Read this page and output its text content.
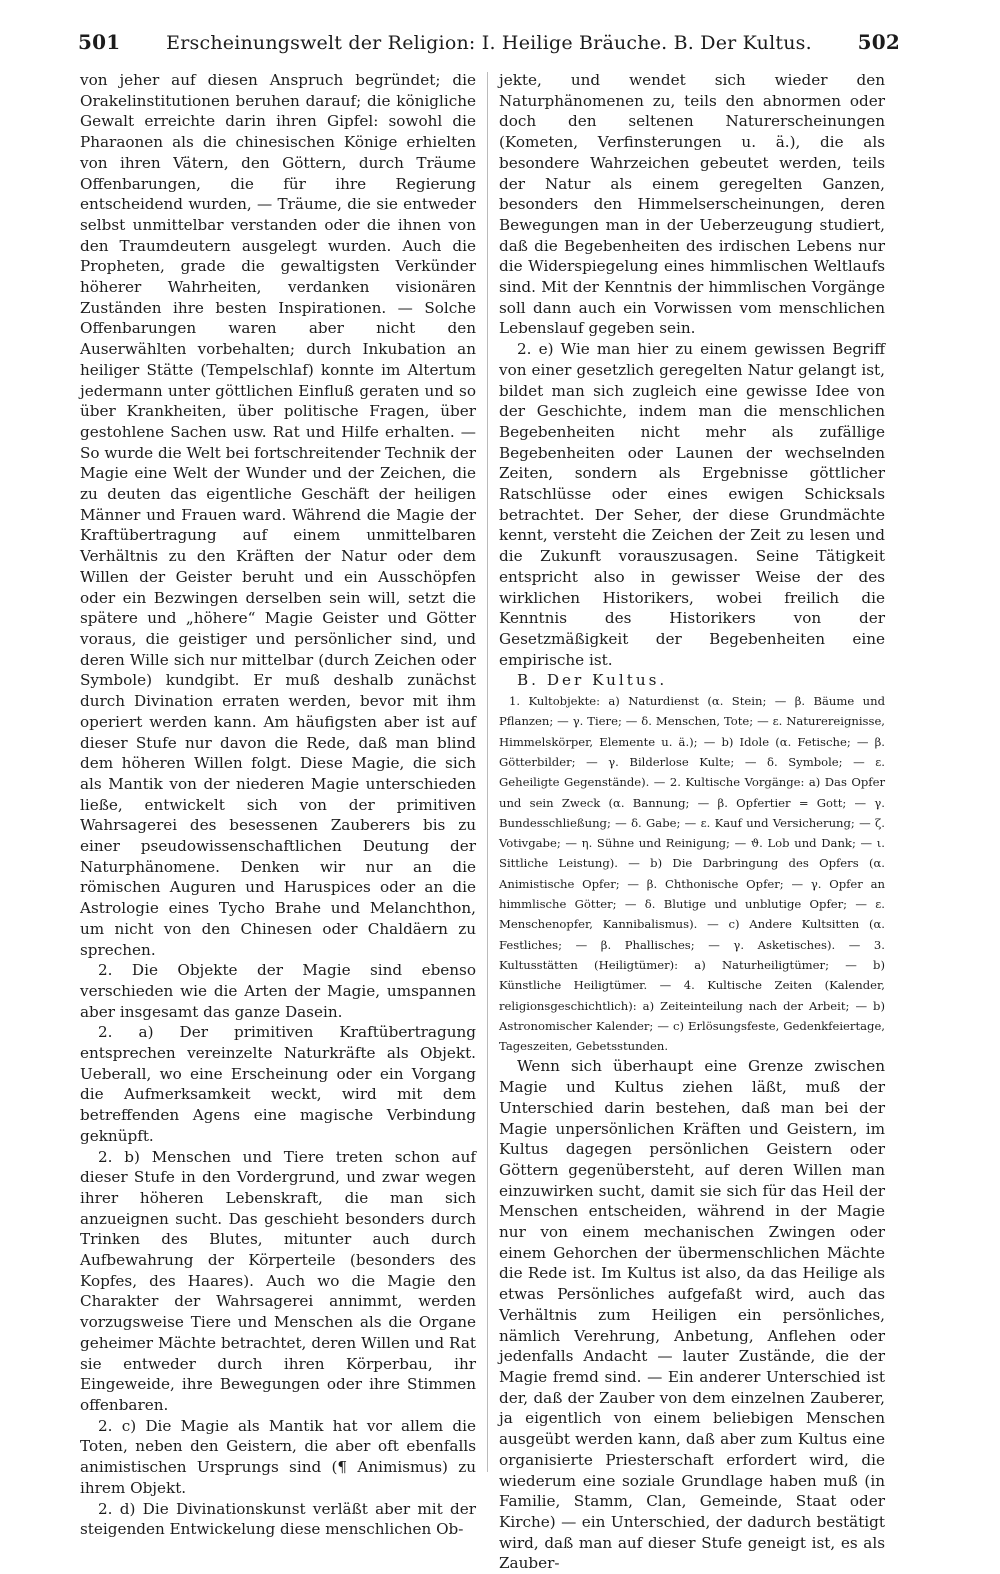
501	Erscheinungswelt der Religion: I. Heilige Bräuche. B. Der Kultus.	502

von jeher auf diesen Anspruch begründet; die Orakelinstitutionen beruhen darauf; die königliche Gewalt erreichte darin ihren Gipfel: sowohl die Pharaonen als die chinesischen Könige erhielten von ihren Vätern, den Göttern, durch Träume Offenbarungen, die für ihre Regierung entscheidend wurden, — Träume, die sie entweder selbst unmittelbar verstanden oder die ihnen von den Traumdeutern ausgelegt wurden. Auch die Propheten, grade die gewaltigsten Verkünder höherer Wahrheiten, verdanken visionären Zuständen ihre besten Inspirationen. — Solche Offenbarungen waren aber nicht den Auserwählten vorbehalten; durch Inkubation an heiliger Stätte (Tempelschlaf) konnte im Altertum jedermann unter göttlichen Einfluß geraten und so über Krankheiten, über politische Fragen, über gestohlene Sachen usw. Rat und Hilfe erhalten. — So wurde die Welt bei fortschreitender Technik der Magie eine Welt der Wunder und der Zeichen, die zu deuten das eigentliche Geschäft der heiligen Männer und Frauen ward. Während die Magie der Kraftübertragung auf einem unmittelbaren Verhältnis zu den Kräften der Natur oder dem Willen der Geister beruht und ein Ausschöpfen oder ein Bezwingen derselben sein will, setzt die spätere und „höhere“ Magie Geister und Götter voraus, die geistiger und persönlicher sind, und deren Wille sich nur mittelbar (durch Zeichen oder Symbole) kundgibt. Er muß deshalb zunächst durch Divination erraten werden, bevor mit ihm operiert werden kann. Am häufigsten aber ist auf dieser Stufe nur davon die Rede, daß man blind dem höheren Willen folgt. Diese Magie, die sich als Mantik von der niederen Magie unterschieden ließe, entwickelt sich von der primitiven Wahrsagerei des besessenen Zauberers bis zu einer pseudowissenschaftlichen Deutung der Naturphänomene. Denken wir nur an die römischen Auguren und Haruspices oder an die Astrologie eines Tycho Brahe und Melanchthon, um nicht von den Chinesen oder Chaldäern zu sprechen.

2. Die Objekte der Magie sind ebenso verschieden wie die Arten der Magie, umspannen aber insgesamt das ganze Dasein.

2. a) Der primitiven Kraftübertragung entsprechen vereinzelte Naturkräfte als Objekt. Ueberall, wo eine Erscheinung oder ein Vorgang die Aufmerksamkeit weckt, wird mit dem betreffenden Agens eine magische Verbindung geknüpft.

2. b) Menschen und Tiere treten schon auf dieser Stufe in den Vordergrund, und zwar wegen ihrer höheren Lebenskraft, die man sich anzueignen sucht. Das geschieht besonders durch Trinken des Blutes, mitunter auch durch Aufbewahrung der Körperteile (besonders des Kopfes, des Haares). Auch wo die Magie den Charakter der Wahrsagerei annimmt, werden vorzugsweise Tiere und Menschen als die Organe geheimer Mächte betrachtet, deren Willen und Rat sie entweder durch ihren Körperbau, ihr Eingeweide, ihre Bewegungen oder ihre Stimmen offenbaren.

2. c) Die Magie als Mantik hat vor allem die Toten, neben den Geistern, die aber oft ebenfalls animistischen Ursprungs sind (¶ Animismus) zu ihrem Objekt.

2. d) Die Divinationskunst verläßt aber mit der steigenden Entwickelung diese menschlichen Ob-

jekte, und wendet sich wieder den Naturphänomenen zu, teils den abnormen oder doch den seltenen Naturerscheinungen (Kometen, Verfinsterungen u. ä.), die als besondere Wahrzeichen gebeutet werden, teils der Natur als einem geregelten Ganzen, besonders den Himmelserscheinungen, deren Bewegungen man in der Ueberzeugung studiert, daß die Begebenheiten des irdischen Lebens nur die Widerspiegelung eines himmlischen Weltlaufs sind. Mit der Kenntnis der himmlischen Vorgänge soll dann auch ein Vorwissen vom menschlichen Lebenslauf gegeben sein.

2. e) Wie man hier zu einem gewissen Begriff von einer gesetzlich geregelten Natur gelangt ist, bildet man sich zugleich eine gewisse Idee von der Geschichte, indem man die menschlichen Begebenheiten nicht mehr als zufällige Begebenheiten oder Launen der wechselnden Zeiten, sondern als Ergebnisse göttlicher Ratschlüsse oder eines ewigen Schicksals betrachtet. Der Seher, der diese Grundmächte kennt, versteht die Zeichen der Zeit zu lesen und die Zukunft vorauszusagen. Seine Tätigkeit entspricht also in gewisser Weise der des wirklichen Historikers, wobei freilich die Kenntnis des Historikers von der Gesetzmäßigkeit der Begebenheiten eine empirische ist.

B. Der Kultus.

1. Kultobjekte: a) Naturdienst (α. Stein; — β. Bäume und Pflanzen; — γ. Tiere; — δ. Menschen, Tote; — ε. Naturereignisse, Himmelskörper, Elemente u. ä.); — b) Idole (α. Fetische; — β. Götterbilder; — γ. Bilderlose Kulte; — δ. Symbole; — ε. Geheiligte Gegenstände). — 2. Kultische Vorgänge: a) Das Opfer und sein Zweck (α. Bannung; — β. Opfertier = Gott; — γ. Bundesschließung; — δ. Gabe; — ε. Kauf und Versicherung; — ζ. Votivgabe; — η. Sühne und Reinigung; — ϑ. Lob und Dank; — ι. Sittliche Leistung). — b) Die Darbringung des Opfers (α. Animistische Opfer; — β. Chthonische Opfer; — γ. Opfer an himmlische Götter; — δ. Blutige und unblutige Opfer; — ε. Menschenopfer, Kannibalismus). — c) Andere Kultsitten (α. Festliches; — β. Phallisches; — γ. Asketisches). — 3. Kultusstätten (Heiligtümer): a) Naturheiligtümer; — b) Künstliche Heiligtümer. — 4. Kultische Zeiten (Kalender, religionsgeschichtlich): a) Zeiteinteilung nach der Arbeit; — b) Astronomischer Kalender; — c) Erlösungsfeste, Gedenkfeiertage, Tageszeiten, Gebetsstunden.

Wenn sich überhaupt eine Grenze zwischen Magie und Kultus ziehen läßt, muß der Unterschied darin bestehen, daß man bei der Magie unpersönlichen Kräften und Geistern, im Kultus dagegen persönlichen Geistern oder Göttern gegenübersteht, auf deren Willen man einzuwirken sucht, damit sie sich für das Heil der Menschen entscheiden, während in der Magie nur von einem mechanischen Zwingen oder einem Gehorchen der übermenschlichen Mächte die Rede ist. Im Kultus ist also, da das Heilige als etwas Persönliches aufgefaßt wird, auch das Verhältnis zum Heiligen ein persönliches, nämlich Verehrung, Anbetung, Anflehen oder jedenfalls Andacht — lauter Zustände, die der Magie fremd sind. — Ein anderer Unterschied ist der, daß der Zauber von dem einzelnen Zauberer, ja eigentlich von einem beliebigen Menschen ausgeübt werden kann, daß aber zum Kultus eine organisierte Priesterschaft erfordert wird, die wiederum eine soziale Grundlage haben muß (in Familie, Stamm, Clan, Gemeinde, Staat oder Kirche) — ein Unterschied, der dadurch bestätigt wird, daß man auf dieser Stufe geneigt ist, es als Zauber-
